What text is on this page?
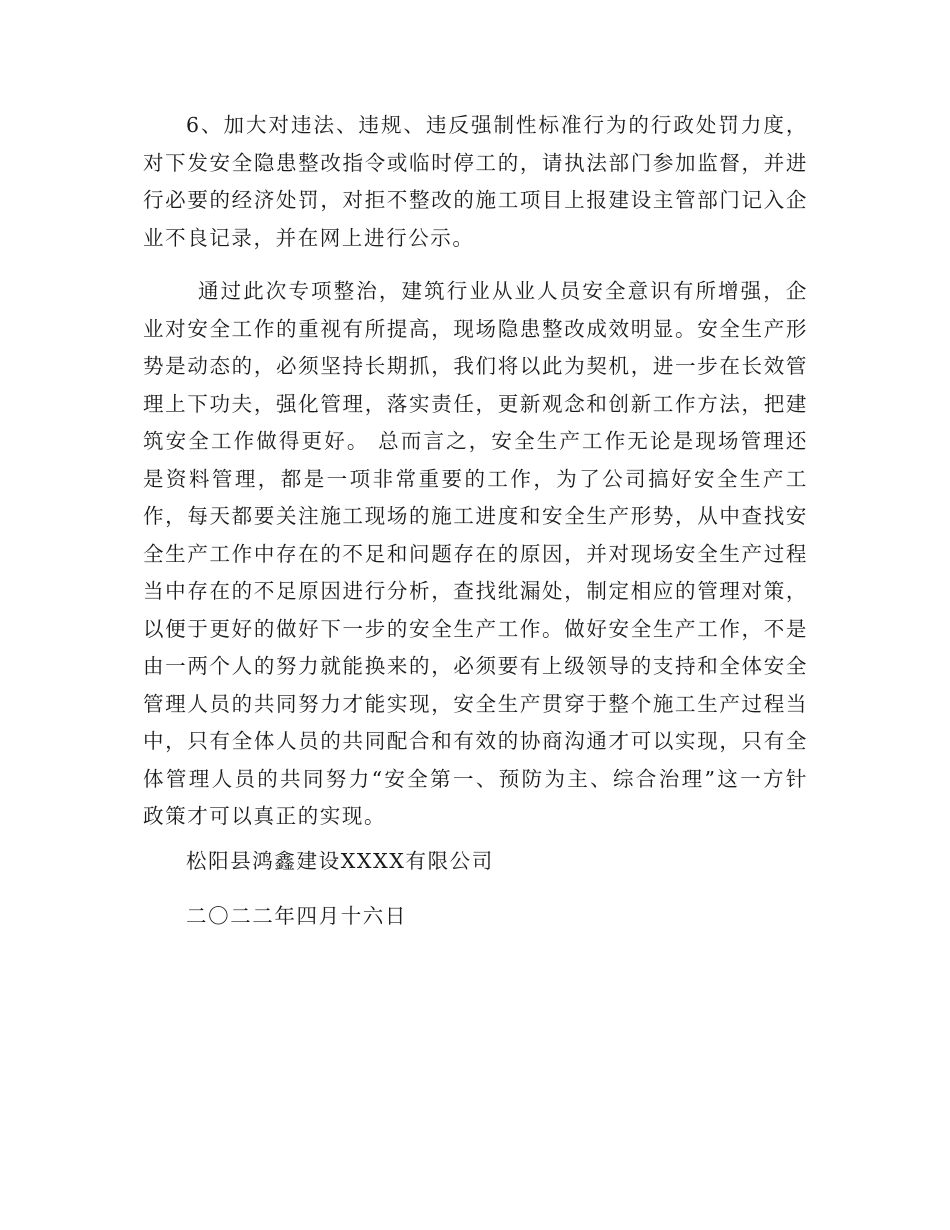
6、加大对违法、违规、违反强制性标准行为的行政处罚力度，对下发安全隐患整改指令或临时停工的，请执法部门参加监督，并进行必要的经济处罚，对拒不整改的施工项目上报建设主管部门记入企业不良记录，并在网上进行公示。

通过此次专项整治，建筑行业从业人员安全意识有所增强，企业对安全工作的重视有所提高，现场隐患整改成效明显。安全生产形势是动态的，必须坚持长期抓，我们将以此为契机，进一步在长效管理上下功夫，强化管理，落实责任，更新观念和创新工作方法，把建筑安全工作做得更好。 总而言之，安全生产工作无论是现场管理还是资料管理，都是一项非常重要的工作，为了公司搞好安全生产工作，每天都要关注施工现场的施工进度和安全生产形势，从中查找安全生产工作中存在的不足和问题存在的原因，并对现场安全生产过程当中存在的不足原因进行分析，查找纰漏处，制定相应的管理对策，以便于更好的做好下一步的安全生产工作。做好安全生产工作，不是由一两个人的努力就能换来的，必须要有上级领导的支持和全体安全管理人员的共同努力才能实现，安全生产贯穿于整个施工生产过程当中，只有全体人员的共同配合和有效的协商沟通才可以实现，只有全体管理人员的共同努力“安全第一、预防为主、综合治理”这一方针政策才可以真正的实现。

松阳县鸿鑫建设XXXX有限公司

二〇二二年四月十六日
